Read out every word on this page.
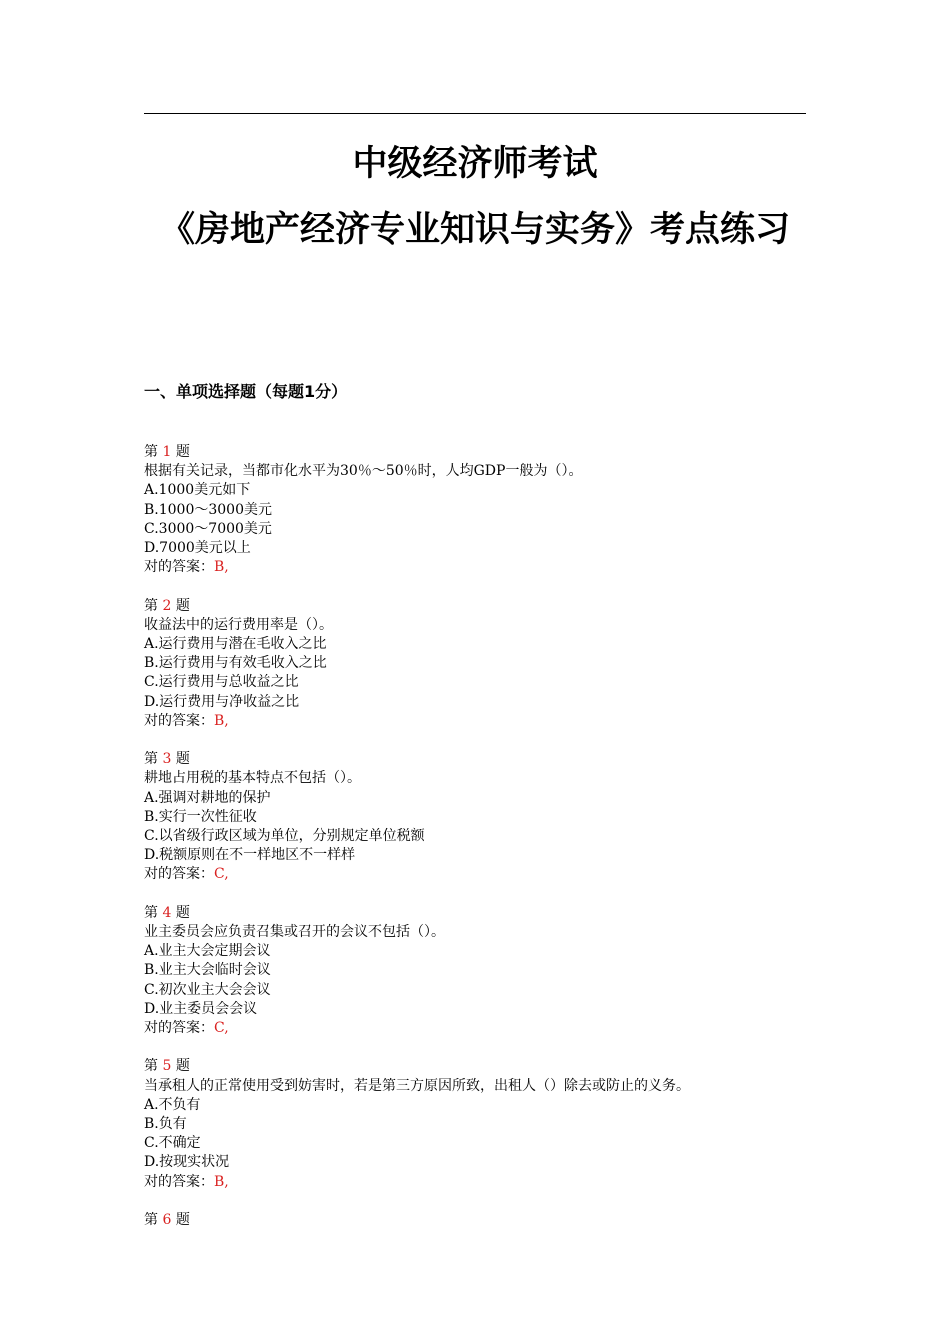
中级经济师考试
《房地产经济专业知识与实务》考点练习
一、单项选择题（每题1分）
第 1 题
根据有关记录，当都市化水平为30％～50％时，人均GDP一般为（）。
A.1000美元如下
B.1000～3000美元
C.3000～7000美元
D.7000美元以上
对的答案：B,
第 2 题
收益法中的运行费用率是（）。
A.运行费用与潜在毛收入之比
B.运行费用与有效毛收入之比
C.运行费用与总收益之比
D.运行费用与净收益之比
对的答案：B,
第 3 题
耕地占用税的基本特点不包括（）。
A.强调对耕地的保护
B.实行一次性征收
C.以省级行政区域为单位，分别规定单位税额
D.税额原则在不一样地区不一样样
对的答案：C,
第 4 题
业主委员会应负责召集或召开的会议不包括（）。
A.业主大会定期会议
B.业主大会临时会议
C.初次业主大会会议
D.业主委员会会议
对的答案：C,
第 5 题
当承租人的正常使用受到妨害时，若是第三方原因所致，出租人（）除去或防止的义务。
A.不负有
B.负有
C.不确定
D.按现实状况
对的答案：B,
第 6 题
